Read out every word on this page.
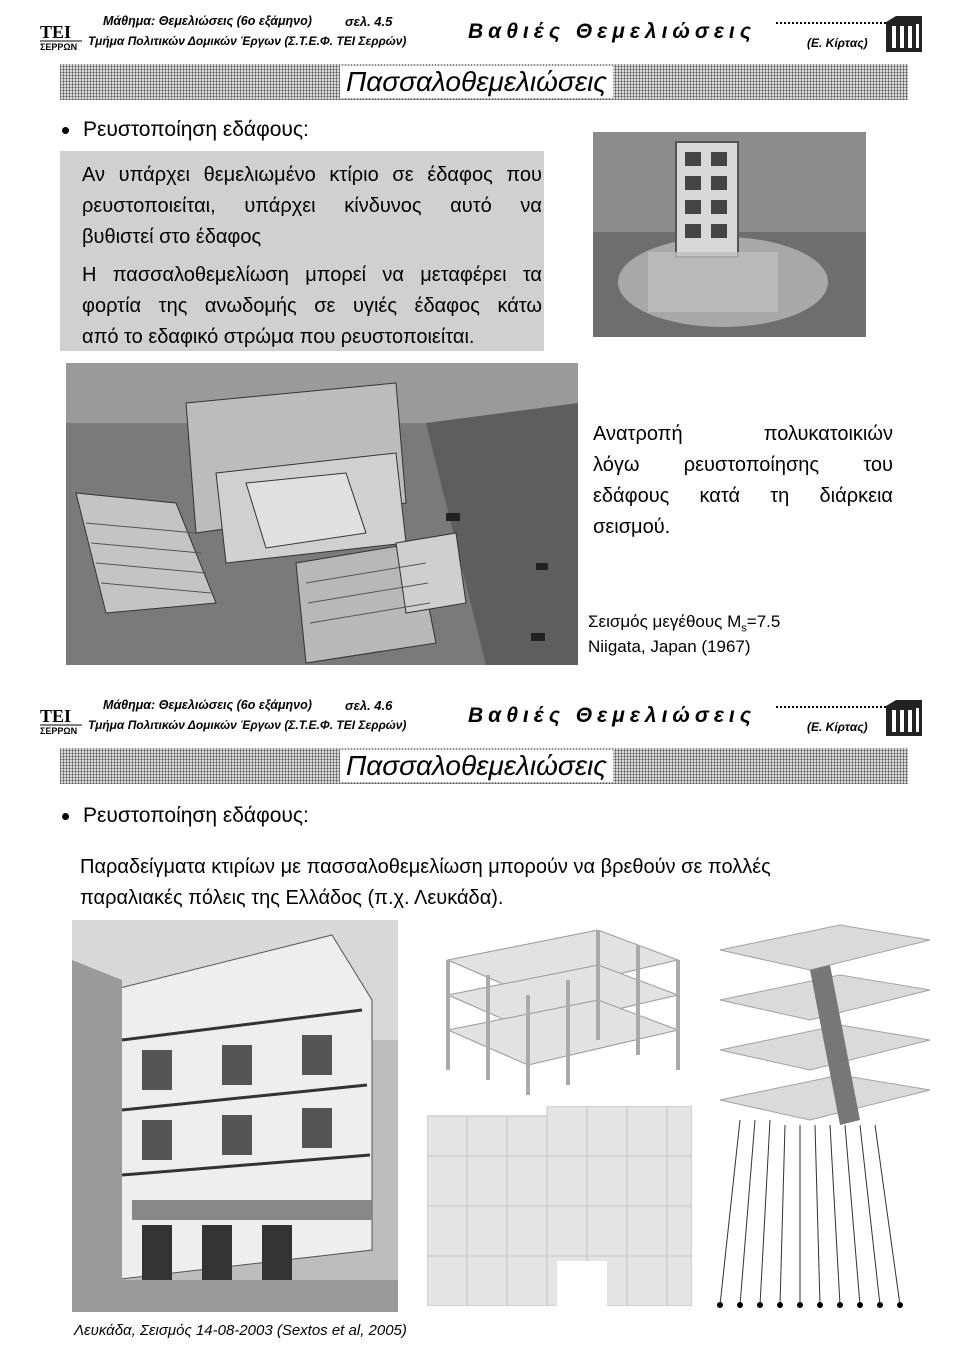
ΤΕΙ
ΣΕΡΡΩΝ
Μάθημα: Θεμελιώσεις (6ο εξάμηνο)	σελ. 4.5
Τμήμα Πολιτικών Δομικών Έργων (Σ.Τ.Ε.Φ. ΤΕΙ Σερρών)	Βαθιές Θεμελιώσεις	(Ε. Κίρτας)
Πασσαλοθεμελιώσεις
Ρευστοποίηση εδάφους:
Αν υπάρχει θεμελιωμένο κτίριο σε έδαφος που
ρευστοποιείται, υπάρχει κίνδυνος αυτό να
βυθιστεί στο έδαφος
Η πασσαλοθεμελίωση μπορεί να μεταφέρει τα
φορτία της ανωδομής σε υγιές έδαφος κάτω
από το εδαφικό στρώμα που ρευστοποιείται.
Ανατροπή πολυκατοικιών
λόγω ρευστοποίησης του
εδάφους κατά τη διάρκεια
σεισμού.
Σεισμός μεγέθους $M_s=7.5$
Niigata, Japan (1967)
ΤΕΙ
ΣΕΡΡΩΝ
Μάθημα: Θεμελιώσεις (6ο εξάμηνο)	σελ. 4.6
Τμήμα Πολιτικών Δομικών Έργων (Σ.Τ.Ε.Φ. ΤΕΙ Σερρών)	Βαθιές Θεμελιώσεις	(Ε. Κίρτας)
Πασσαλοθεμελιώσεις
Ρευστοποίηση εδάφους:
Παραδείγματα κτιρίων με πασσαλοθεμελίωση μπορούν να βρεθούν σε πολλές
παραλιακές πόλεις της Ελλάδος (π.χ. Λευκάδα).
Λευκάδα, Σεισμός 14-08-2003 (Sextos et al, 2005)
